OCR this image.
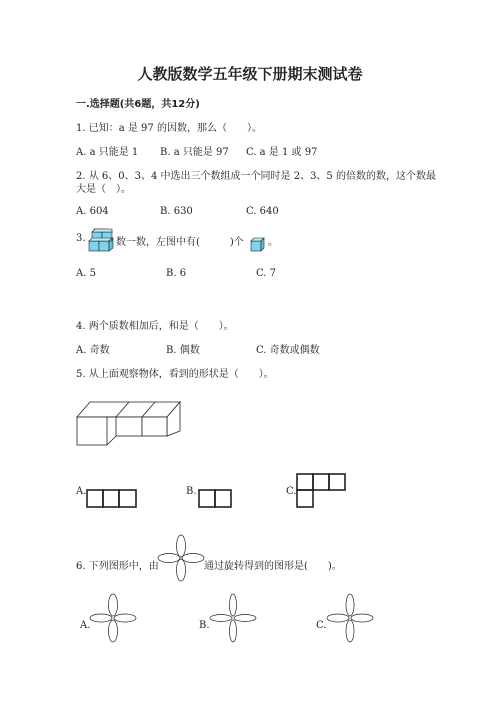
人教版数学五年级下册期末测试卷
一.选择题(共6题，共12分)
1. 已知：a 是 97 的因数，那么（　　）。
A. a 只能是 1 B. a 只能是 97 C. a 是 1 或 97
2. 从 6、0、3、4 中选出三个数组成一个同时是 2、3、5 的倍数的数，这个数最
大是（　）。
A. 604	B. 630	C. 640
3.	数一数，左图中有(　　　)个 。
A. 5	B. 6	C. 7
4. 两个质数相加后，和是（　　）。
A. 奇数	B. 偶数	C. 奇数或偶数
5. 从上面观察物体，看到的形状是（　　）。
A.	B.	C.
6. 下列图形中，由	通过旋转得到的图形是(　　)。
A.	B.	C.
